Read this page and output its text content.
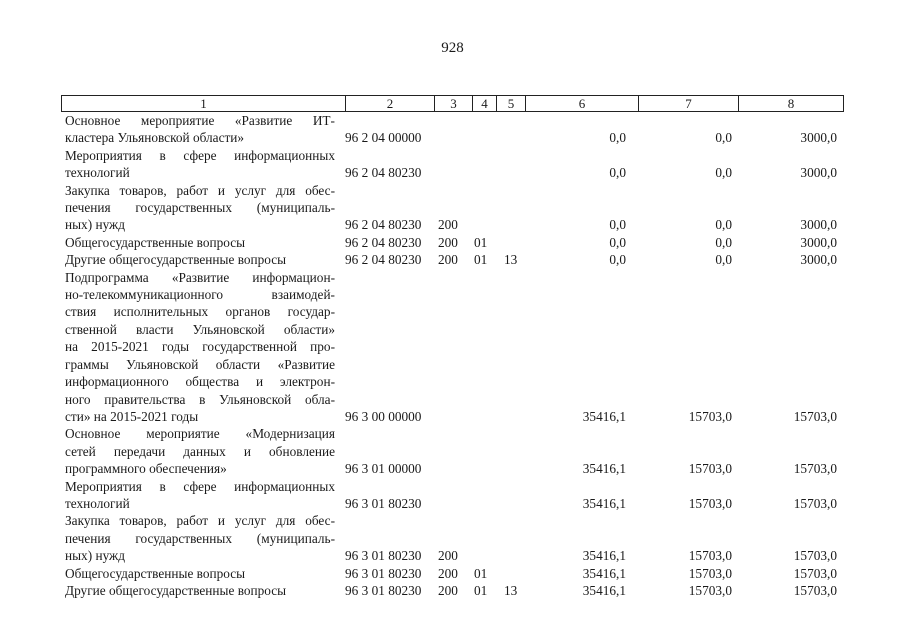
928
1	2	3	4	5	6	7	8
Основное мероприятие «Развитие ИТ-
кластера Ульяновской области»	96 2 04 00000	0,0	0,0	3000,0
Мероприятия в сфере информационных
технологий	96 2 04 80230	0,0	0,0	3000,0
Закупка товаров, работ и услуг для обес-
печения государственных (муниципаль-
ных) нужд	96 2 04 80230 200	0,0	0,0	3000,0
Общегосударственные вопросы	96 2 04 80230 200 01	0,0	0,0	3000,0
Другие общегосударственные вопросы	96 2 04 80230 200 01 13	0,0	0,0	3000,0
Подпрограмма «Развитие информацион-
но-телекоммуникационного взаимодей-
ствия исполнительных органов государ-
ственной власти Ульяновской области»
на 2015-2021 годы государственной про-
граммы Ульяновской области «Развитие
информационного общества и электрон-
ного правительства в Ульяновской обла-
сти» на 2015-2021 годы	96 3 00 00000	35416,1	15703,0	15703,0
Основное мероприятие «Модернизация
сетей передачи данных и обновление
программного обеспечения»	96 3 01 00000	35416,1	15703,0	15703,0
Мероприятия в сфере информационных
технологий	96 3 01 80230	35416,1	15703,0	15703,0
Закупка товаров, работ и услуг для обес-
печения государственных (муниципаль-
ных) нужд	96 3 01 80230 200	35416,1	15703,0	15703,0
Общегосударственные вопросы	96 3 01 80230 200 01	35416,1	15703,0	15703,0
Другие общегосударственные вопросы	96 3 01 80230 200 01 13	35416,1	15703,0	15703,0
